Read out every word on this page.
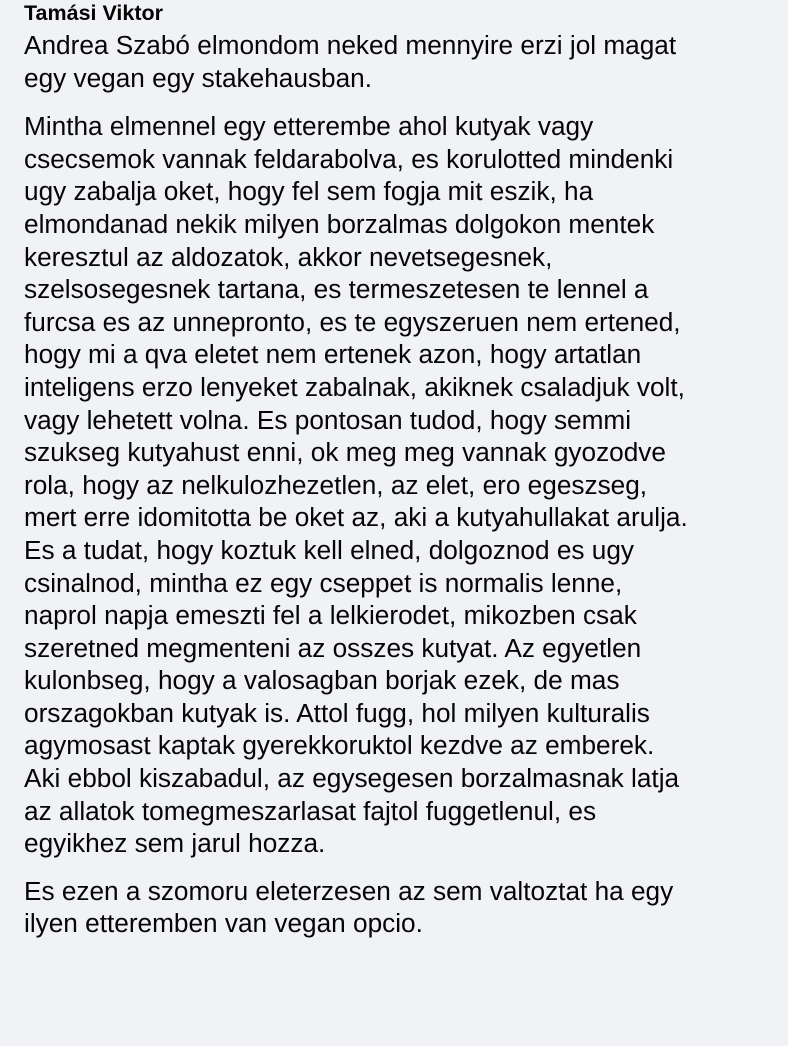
Tamási Viktor
Andrea Szabó elmondom neked mennyire erzi jol magat
egy vegan egy stakehausban.
Mintha elmennel egy etterembe ahol kutyak vagy
csecsemok vannak feldarabolva, es korulotted mindenki
ugy zabalja oket, hogy fel sem fogja mit eszik, ha
elmondanad nekik milyen borzalmas dolgokon mentek
keresztul az aldozatok, akkor nevetsegesnek,
szelsosegesnek tartana, es termeszetesen te lennel a
furcsa es az unnepronto, es te egyszeruen nem ertened,
hogy mi a qva eletet nem ertenek azon, hogy artatlan
inteligens erzo lenyeket zabalnak, akiknek csaladjuk volt,
vagy lehetett volna. Es pontosan tudod, hogy semmi
szukseg kutyahust enni, ok meg meg vannak gyozodve
rola, hogy az nelkulozhezetlen, az elet, ero egeszseg,
mert erre idomitotta be oket az, aki a kutyahullakat arulja.
Es a tudat, hogy koztuk kell elned, dolgoznod es ugy
csinalnod, mintha ez egy cseppet is normalis lenne,
naprol napja emeszti fel a lelkierodet, mikozben csak
szeretned megmenteni az osszes kutyat. Az egyetlen
kulonbseg, hogy a valosagban borjak ezek, de mas
orszagokban kutyak is. Attol fugg, hol milyen kulturalis
agymosast kaptak gyerekkoruktol kezdve az emberek.
Aki ebbol kiszabadul, az egysegesen borzalmasnak latja
az allatok tomegmeszarlasat fajtol fuggetlenul, es
egyikhez sem jarul hozza.
Es ezen a szomoru eleterzesen az sem valtoztat ha egy
ilyen etteremben van vegan opcio.
